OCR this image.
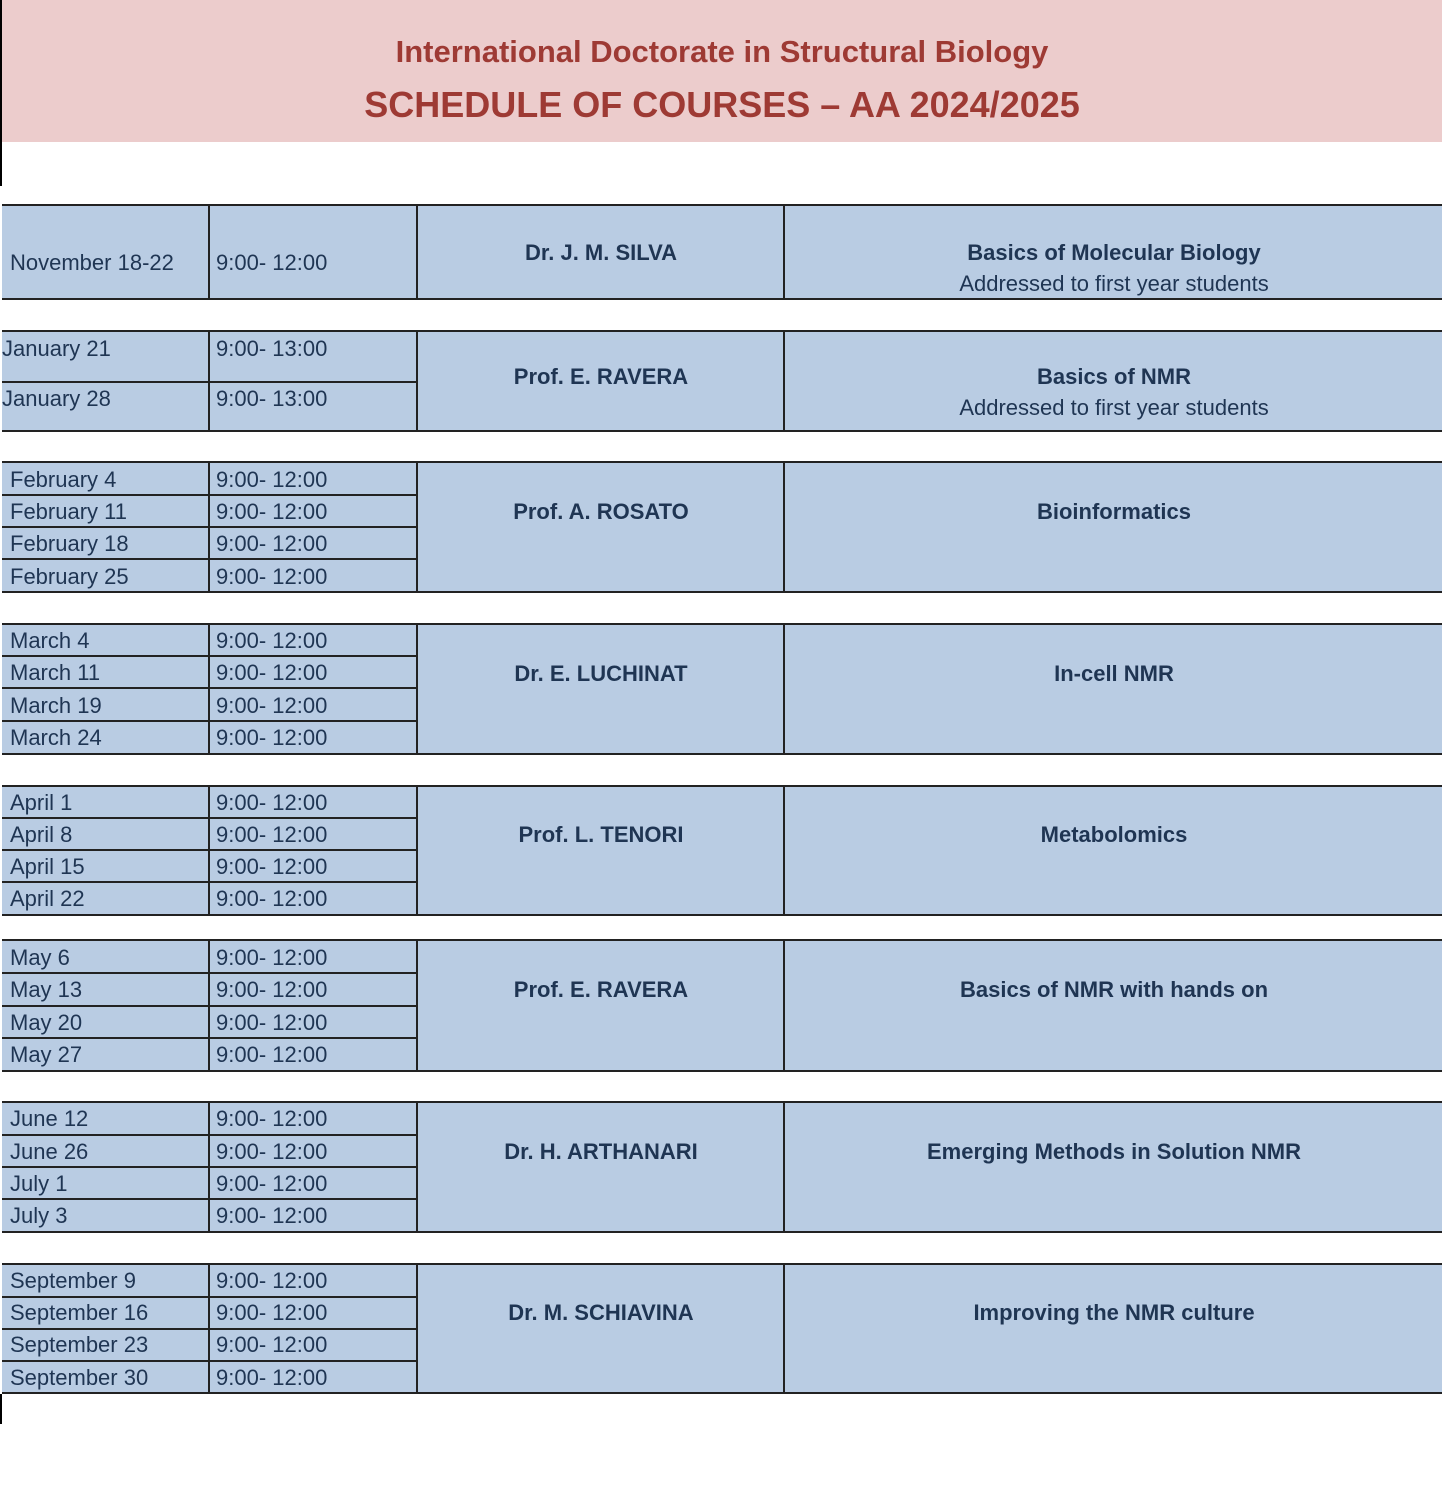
International Doctorate in Structural Biology
SCHEDULE OF COURSES – AA 2024/2025
November 18-22 9:00- 12:00	Dr. J. M. SILVA	Basics of Molecular Biology
Addressed to first year students
January 21	9:00- 13:00
January 28	9:00- 13:00
Prof. E. RAVERA	Basics of NMR
Addressed to first year students
February 4	9:00- 12:00
February 11	9:00- 12:00
February 18	9:00- 12:00
February 25	9:00- 12:00
Prof. A. ROSATO	Bioinformatics
March 4	9:00- 12:00
March 11	9:00- 12:00
March 19	9:00- 12:00
March 24	9:00- 12:00
Dr. E. LUCHINAT	In-cell NMR
April 1	9:00- 12:00
April 8	9:00- 12:00
April 15	9:00- 12:00
April 22	9:00- 12:00
Prof. L. TENORI	Metabolomics
May 6	9:00- 12:00
May 13	9:00- 12:00
May 20	9:00- 12:00
May 27	9:00- 12:00
Prof. E. RAVERA	Basics of NMR with hands on
June 12	9:00- 12:00
June 26	9:00- 12:00
July 1	9:00- 12:00
July 3	9:00- 12:00
Dr. H. ARTHANARI	Emerging Methods in Solution NMR
September 9	9:00- 12:00
September 16	9:00- 12:00
September 23	9:00- 12:00
September 30	9:00- 12:00
Dr. M. SCHIAVINA	Improving the NMR culture
